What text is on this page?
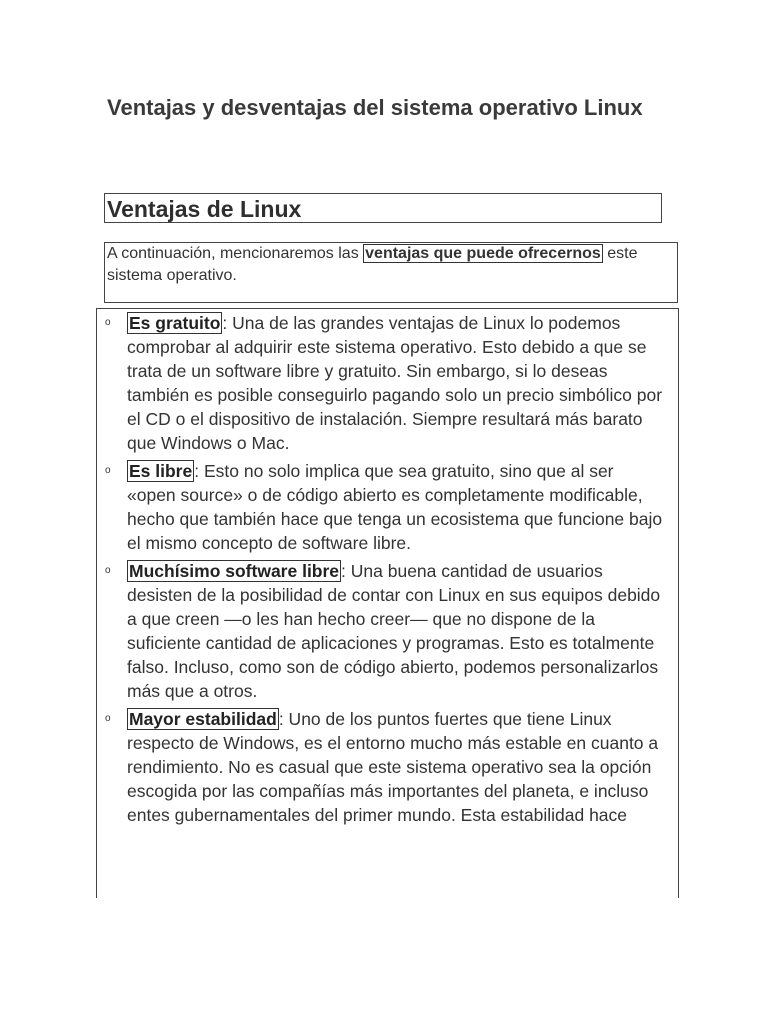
Ventajas y desventajas del sistema operativo Linux
Ventajas de Linux

A continuación, mencionaremos las ventajas que puede ofrecernos este sistema operativo.

o Es gratuito : Una de las grandes ventajas de Linux lo podemos comprobar al adquirir este sistema operativo. Esto debido a que se trata de un software libre y gratuito. Sin embargo, si lo deseas también es posible conseguirlo pagando solo un precio simbólico por el CD o el dispositivo de instalación. Siempre resultará más barato que Windows o Mac.
o Es libre : Esto no solo implica que sea gratuito, sino que al ser «open source» o de código abierto es completamente modificable, hecho que también hace que tenga un ecosistema que funcione bajo el mismo concepto de software libre.
o Muchísimo software libre : Una buena cantidad de usuarios desisten de la posibilidad de contar con Linux en sus equipos debido a que creen —o les han hecho creer— que no dispone de la suficiente cantidad de aplicaciones y programas. Esto es totalmente falso. Incluso, como son de código abierto, podemos personalizarlos más que a otros.
o Mayor estabilidad : Uno de los puntos fuertes que tiene Linux respecto de Windows, es el entorno mucho más estable en cuanto a rendimiento. No es casual que este sistema operativo sea la opción escogida por las compañías más importantes del planeta, e incluso entes gubernamentales del primer mundo. Esta estabilidad hace
